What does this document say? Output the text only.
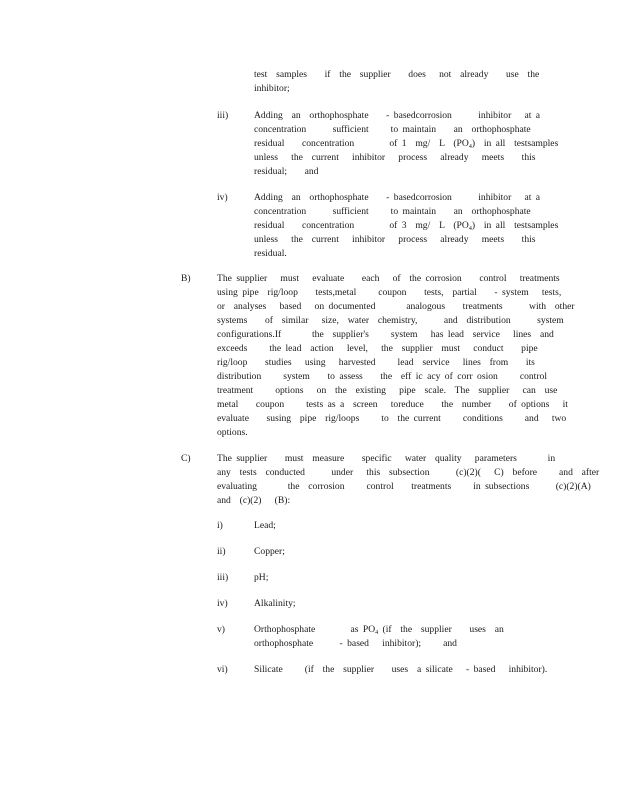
test  samples    if  the  supplier    does   not  already    use  the
inhibitor;
iii)	Adding  an  orthophosphate    - basedcorrosion      inhibitor   at a
concentration      sufficient     to maintain    an  orthophosphate
residual    concentration        of 1  mg/  L  $(PO_4)$  in all  testsamples
unless   the  current   inhibitor   process   already   meets    this
residual;    and
iv)	Adding  an  orthophosphate    - basedcorrosion      inhibitor   at a
concentration      sufficient     to maintain    an  orthophosphate
residual    concentration        of 3  mg/  L  $(PO_4)$  in all  testsamples
unless   the  current   inhibitor   process   already   meets    this
residual.
B)	The supplier   must   evaluate    each   of  the corrosion    control   treatments
using pipe  rig/loop    tests,metal     coupon    tests,  partial    - system   tests,
or  analyses   based   on documented       analogous    treatments      with  other
systems    of  similar   size,  water  chemistry,      and  distribution      system
configurations.If       the  supplier's     system   has lead  service   lines  and
exceeds     the lead  action   level,   the  supplier  must   conduct    pipe
rig/loop    studies   using   harvested     lead  service   lines  from    its
distribution     system    to assess    the  eff ic acy of corr osion     control
treatment     options   on  the  existing   pipe  scale.  The  supplier   can  use
metal    coupon     tests as a  screen   toreduce    the  number    of options   it
evaluate    susing  pipe  rig/loops     to  the current     conditions     and   two
options.
C)	The supplier    must  measure    specific   water  quality   parameters       in
any  tests  conducted      under   this  subsection      (c)(2)(   C)  before     and  after
evaluating       the  corrosion     control    treatments     in subsections      (c)(2)(A)
and  (c)(2)   (B):
i)	Lead;
ii)	Copper;
iii)	pH;
iv)	Alkalinity;
v)	Orthophosphate        as $PO_4$ (if  the  supplier    uses  an
orthophosphate      - based   inhibitor);     and
vi)	Silicate     (if  the  supplier    uses  a silicate   - based   inhibitor).
